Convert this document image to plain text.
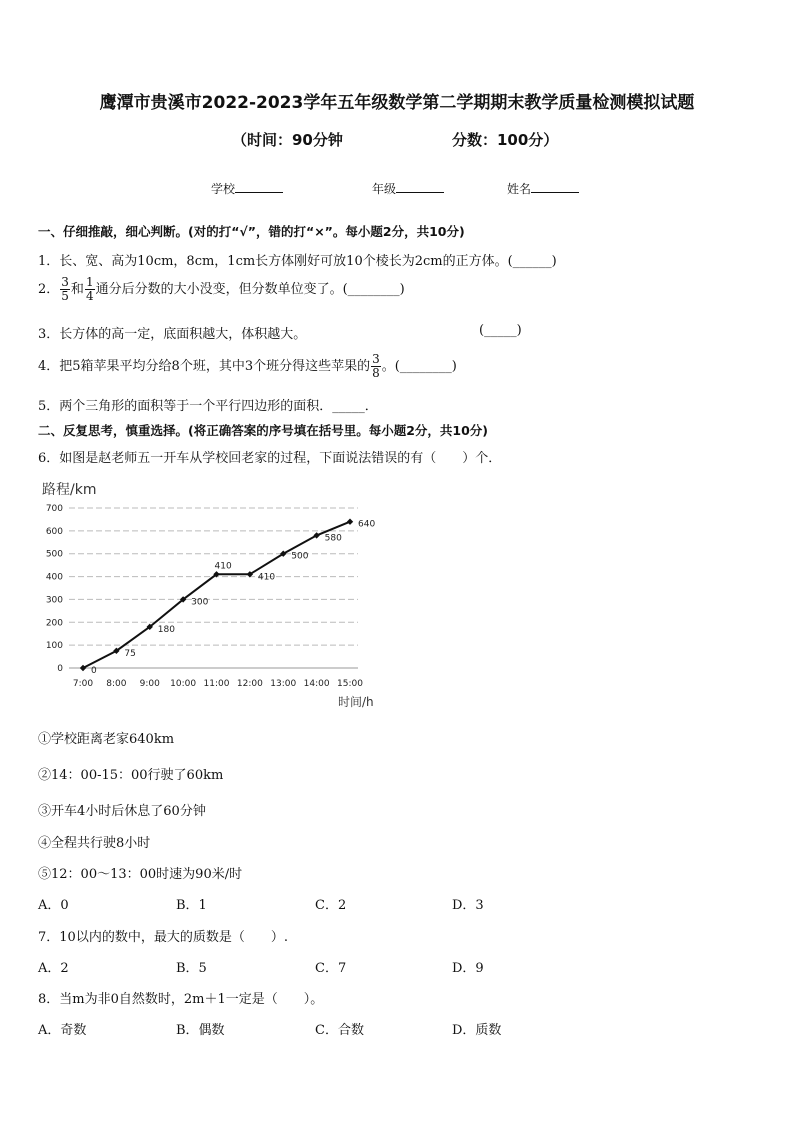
鹰潭市贵溪市2022-2023学年五年级数学第二学期期末教学质量检测模拟试题
（时间：90分钟	分数：100分）
学校	年级	姓名
一、仔细推敲，细心判断。(对的打“√”，错的打“×”。每小题2分，共10分)
1．长、宽、高为10cm，8cm，1cm长方体刚好可放10个棱长为2cm的正方体。(______)
2． $\frac{3}{5}$ 和 $\frac{1}{4}$ 通分后分数的大小没变，但分数单位变了。(________)
3．长方体的高一定，底面积越大，体积越大。	(_____)
4．把5箱苹果平均分给8个班，其中3个班分得这些苹果的 $\frac{3}{8}$ 。(________)
5．两个三角形的面积等于一个平行四边形的面积．_____．
二、反复思考，慎重选择。(将正确答案的序号填在括号里。每小题2分，共10分)
6．如图是赵老师五一开车从学校回老家的过程，下面说法错误的有（　　）个．
路程/km
时间/h
0
100
200
300
400
500
600
700
7:00 8:00 9:00 10:00 11:00 12:00 13:00 14:00 15:00
0
75
180
300
410
410
500
580
640
①学校距离老家640km
②14：00-15：00行驶了60km
③开车4小时后休息了60分钟
④全程共行驶8小时
⑤12：00～13：00时速为90米/时
A．0	B．1	C．2	D．3
7．10以内的数中，最大的质数是（　　）.
A．2	B．5	C．7	D．9
8．当m为非0自然数时，2m＋1一定是（　　）。
A．奇数	B．偶数	C．合数	D．质数
